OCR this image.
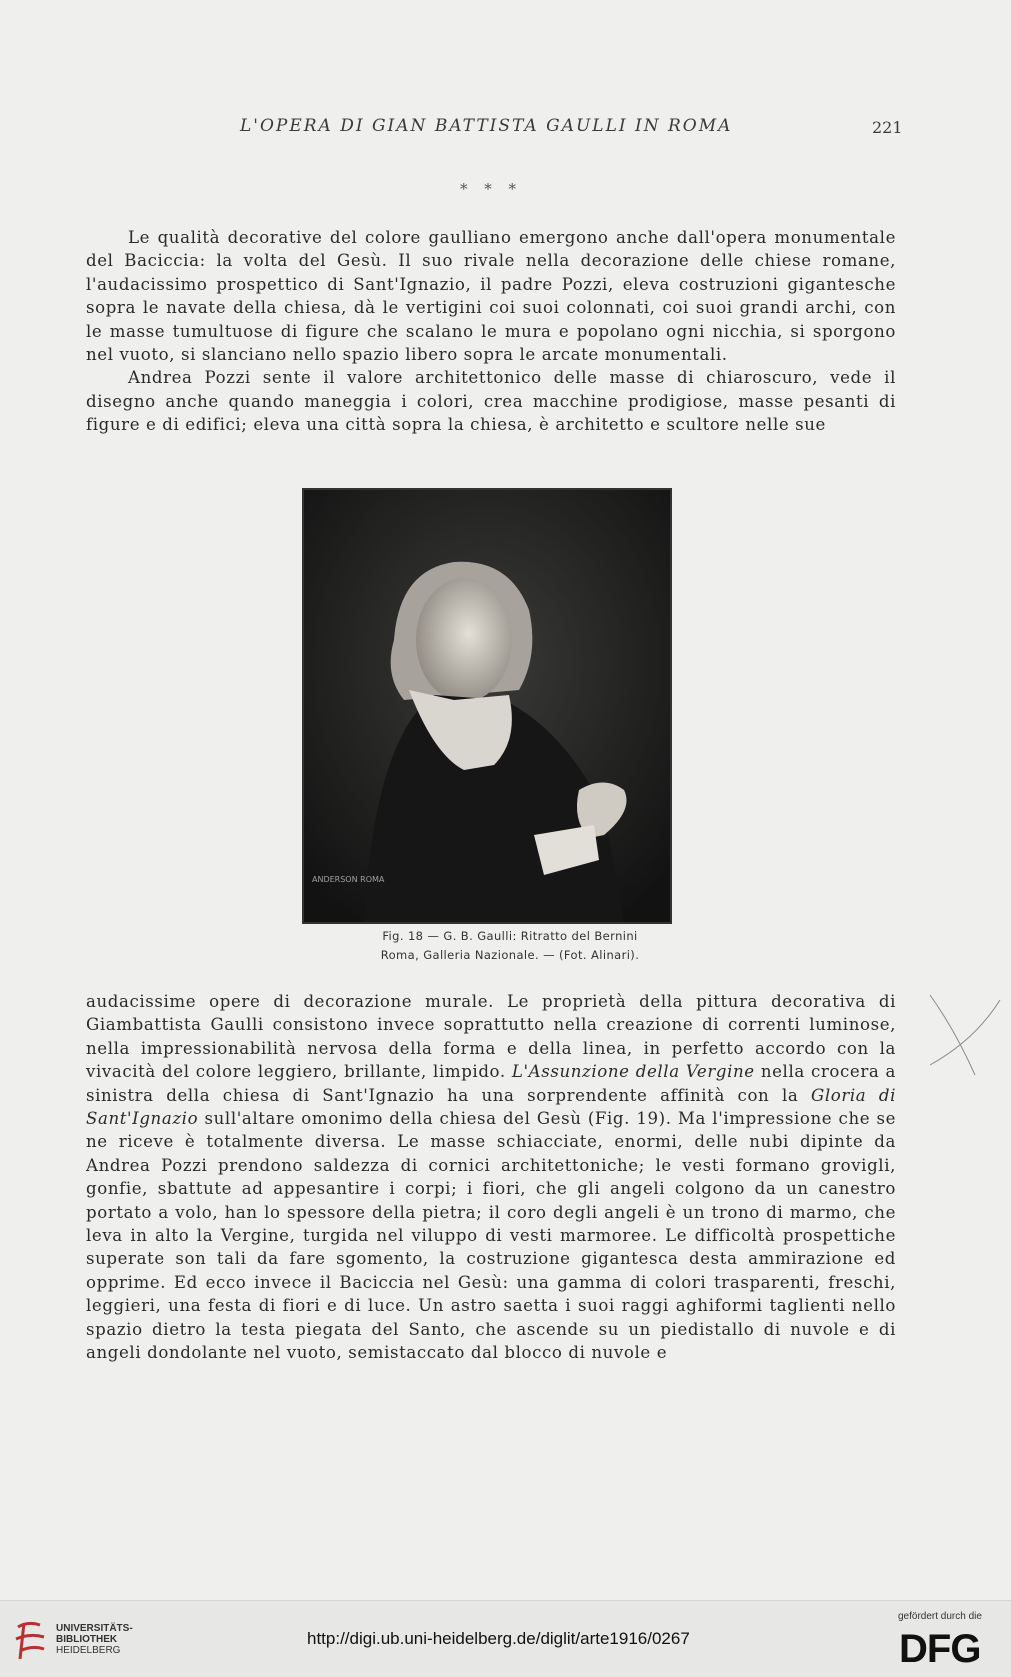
L'OPERA DI GIAN BATTISTA GAULLI IN ROMA	221
* * *

Le qualità decorative del colore gaulliano emergono anche dall'opera monumentale del Baciccia: la volta del Gesù. Il suo rivale nella decorazione delle chiese romane, l'audacissimo prospettico di Sant'Ignazio, il padre Pozzi, eleva costruzioni gigantesche sopra le navate della chiesa, dà le vertigini coi suoi colonnati, coi suoi grandi archi, con le masse tumultuose di figure che scalano le mura e popolano ogni nicchia, si sporgono nel vuoto, si slanciano nello spazio libero sopra le arcate monumentali.

Andrea Pozzi sente il valore architettonico delle masse di chiaroscuro, vede il disegno anche quando maneggia i colori, crea macchine prodigiose, masse pesanti di figure e di edifici; eleva una città sopra la chiesa, è architetto e scultore nelle sue

ANDERSON ROMA
Fig. 18 — G. B. Gaulli: Ritratto del Bernini
Roma, Galleria Nazionale. — (Fot. Alinari).

audacissime opere di decorazione murale. Le proprietà della pittura decorativa di Giambattista Gaulli consistono invece soprattutto nella creazione di correnti luminose, nella impressionabilità nervosa della forma e della linea, in perfetto accordo con la vivacità del colore leggiero, brillante, limpido. L'Assunzione della Vergine nella crocera a sinistra della chiesa di Sant'Ignazio ha una sorprendente affinità con la Gloria di Sant'Ignazio sull'altare omonimo della chiesa del Gesù (Fig. 19). Ma l'impressione che se ne riceve è totalmente diversa. Le masse schiacciate, enormi, delle nubi dipinte da Andrea Pozzi prendono saldezza di cornici architettoniche; le vesti formano grovigli, gonfie, sbattute ad appesantire i corpi; i fiori, che gli angeli colgono da un canestro portato a volo, han lo spessore della pietra; il coro degli angeli è un trono di marmo, che leva in alto la Vergine, turgida nel viluppo di vesti marmoree. Le difficoltà prospettiche superate son tali da fare sgomento, la costruzione gigantesca desta ammirazione ed opprime. Ed ecco invece il Baciccia nel Gesù: una gamma di colori trasparenti, freschi, leggieri, una festa di fiori e di luce. Un astro saetta i suoi raggi aghiformi taglienti nello spazio dietro la testa piegata del Santo, che ascende su un piedistallo di nuvole e di angeli dondolante nel vuoto, semistaccato dal blocco di nuvole e

UNIVERSITÄTS-
BIBLIOTHEK
HEIDELBERG
http://digi.ub.uni-heidelberg.de/diglit/arte1916/0267
gefördert durch die
DFG
